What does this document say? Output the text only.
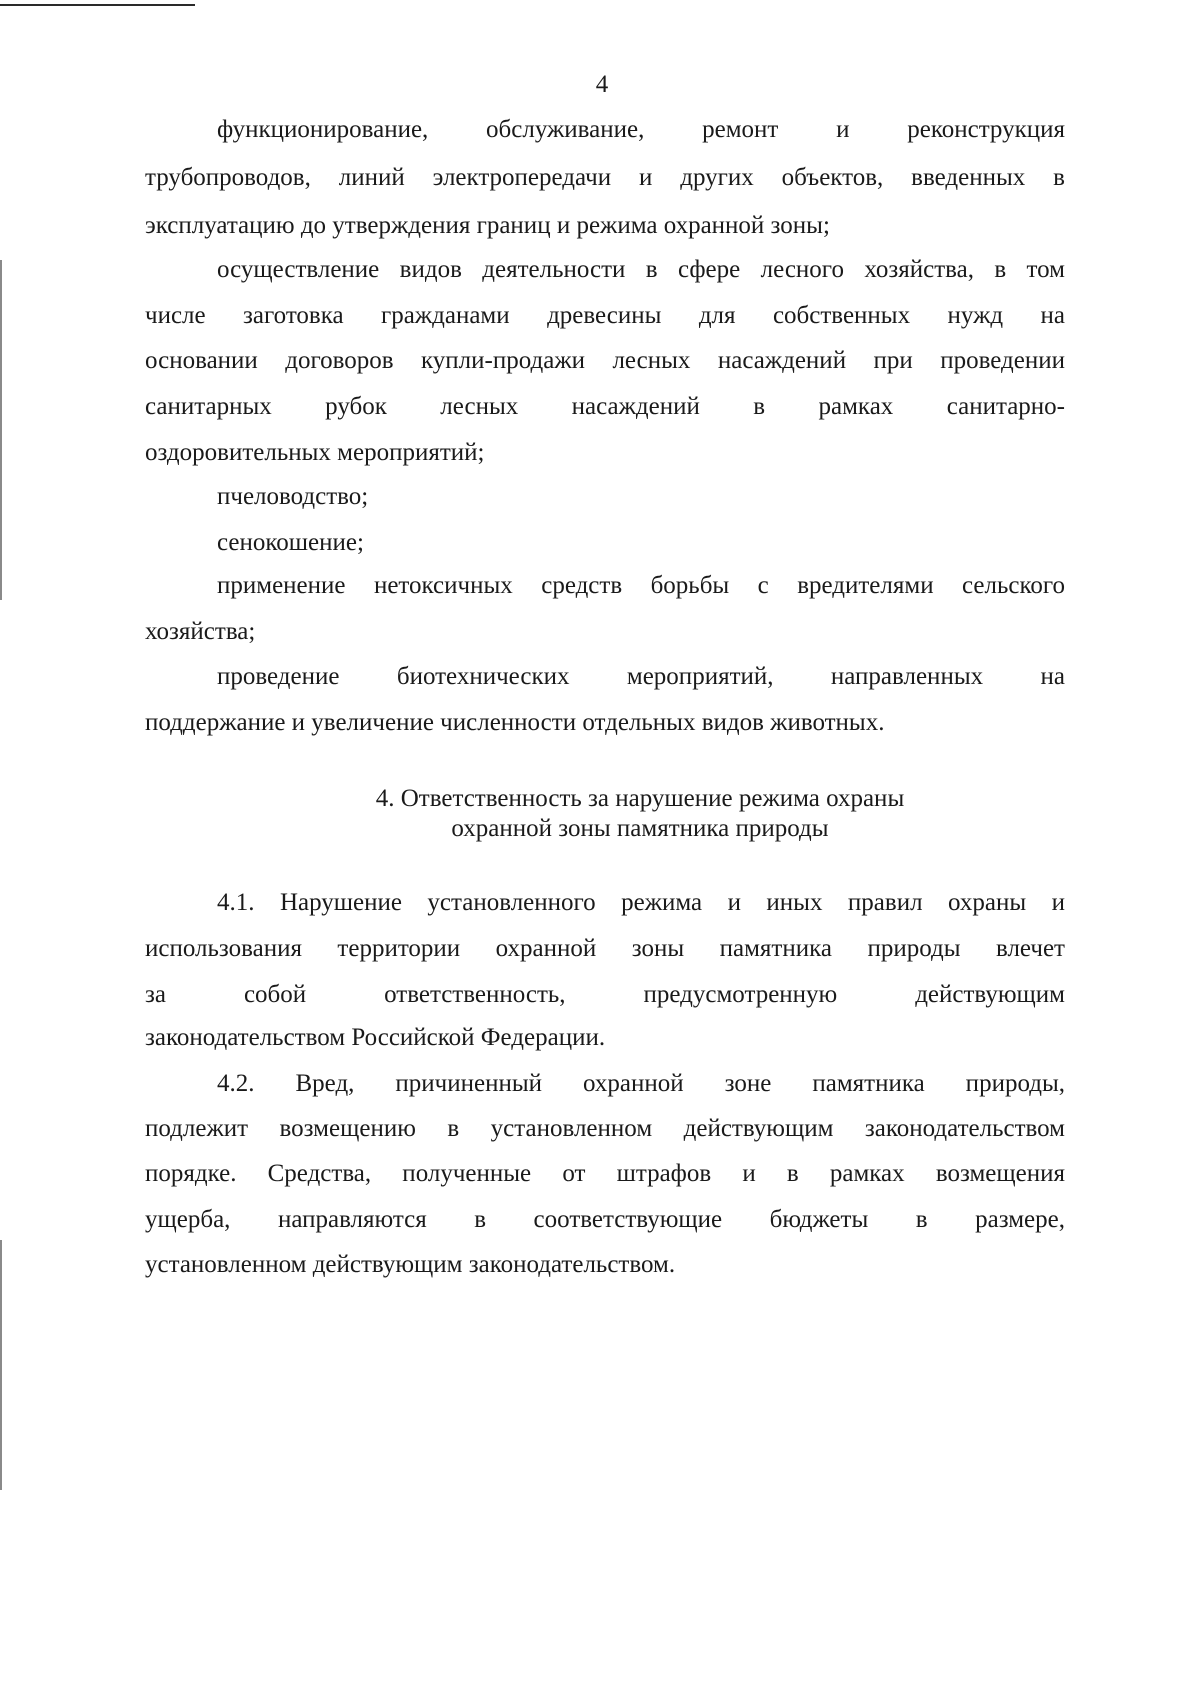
4
функционирование, обслуживание, ремонт и реконструкция
трубопроводов, линий электропередачи и других объектов, введенных в
эксплуатацию до утверждения границ и режима охранной зоны;
осуществление видов деятельности в сфере лесного хозяйства, в том
числе заготовка гражданами древесины для собственных нужд на
основании договоров купли-продажи лесных насаждений при проведении
санитарных рубок лесных насаждений в рамках санитарно-
оздоровительных мероприятий;
пчеловодство;
сенокошение;
применение нетоксичных средств борьбы с вредителями сельского
хозяйства;
проведение биотехнических мероприятий, направленных на
поддержание и увеличение численности отдельных видов животных.
4. Ответственность за нарушение режима охраны
охранной зоны памятника природы
4.1. Нарушение установленного режима и иных правил охраны и
использования территории охранной зоны памятника природы влечет
за собой ответственность, предусмотренную действующим
законодательством Российской Федерации.
4.2. Вред, причиненный охранной зоне памятника природы,
подлежит возмещению в установленном действующим законодательством
порядке. Средства, полученные от штрафов и в рамках возмещения
ущерба, направляются в соответствующие бюджеты в размере,
установленном действующим законодательством.
